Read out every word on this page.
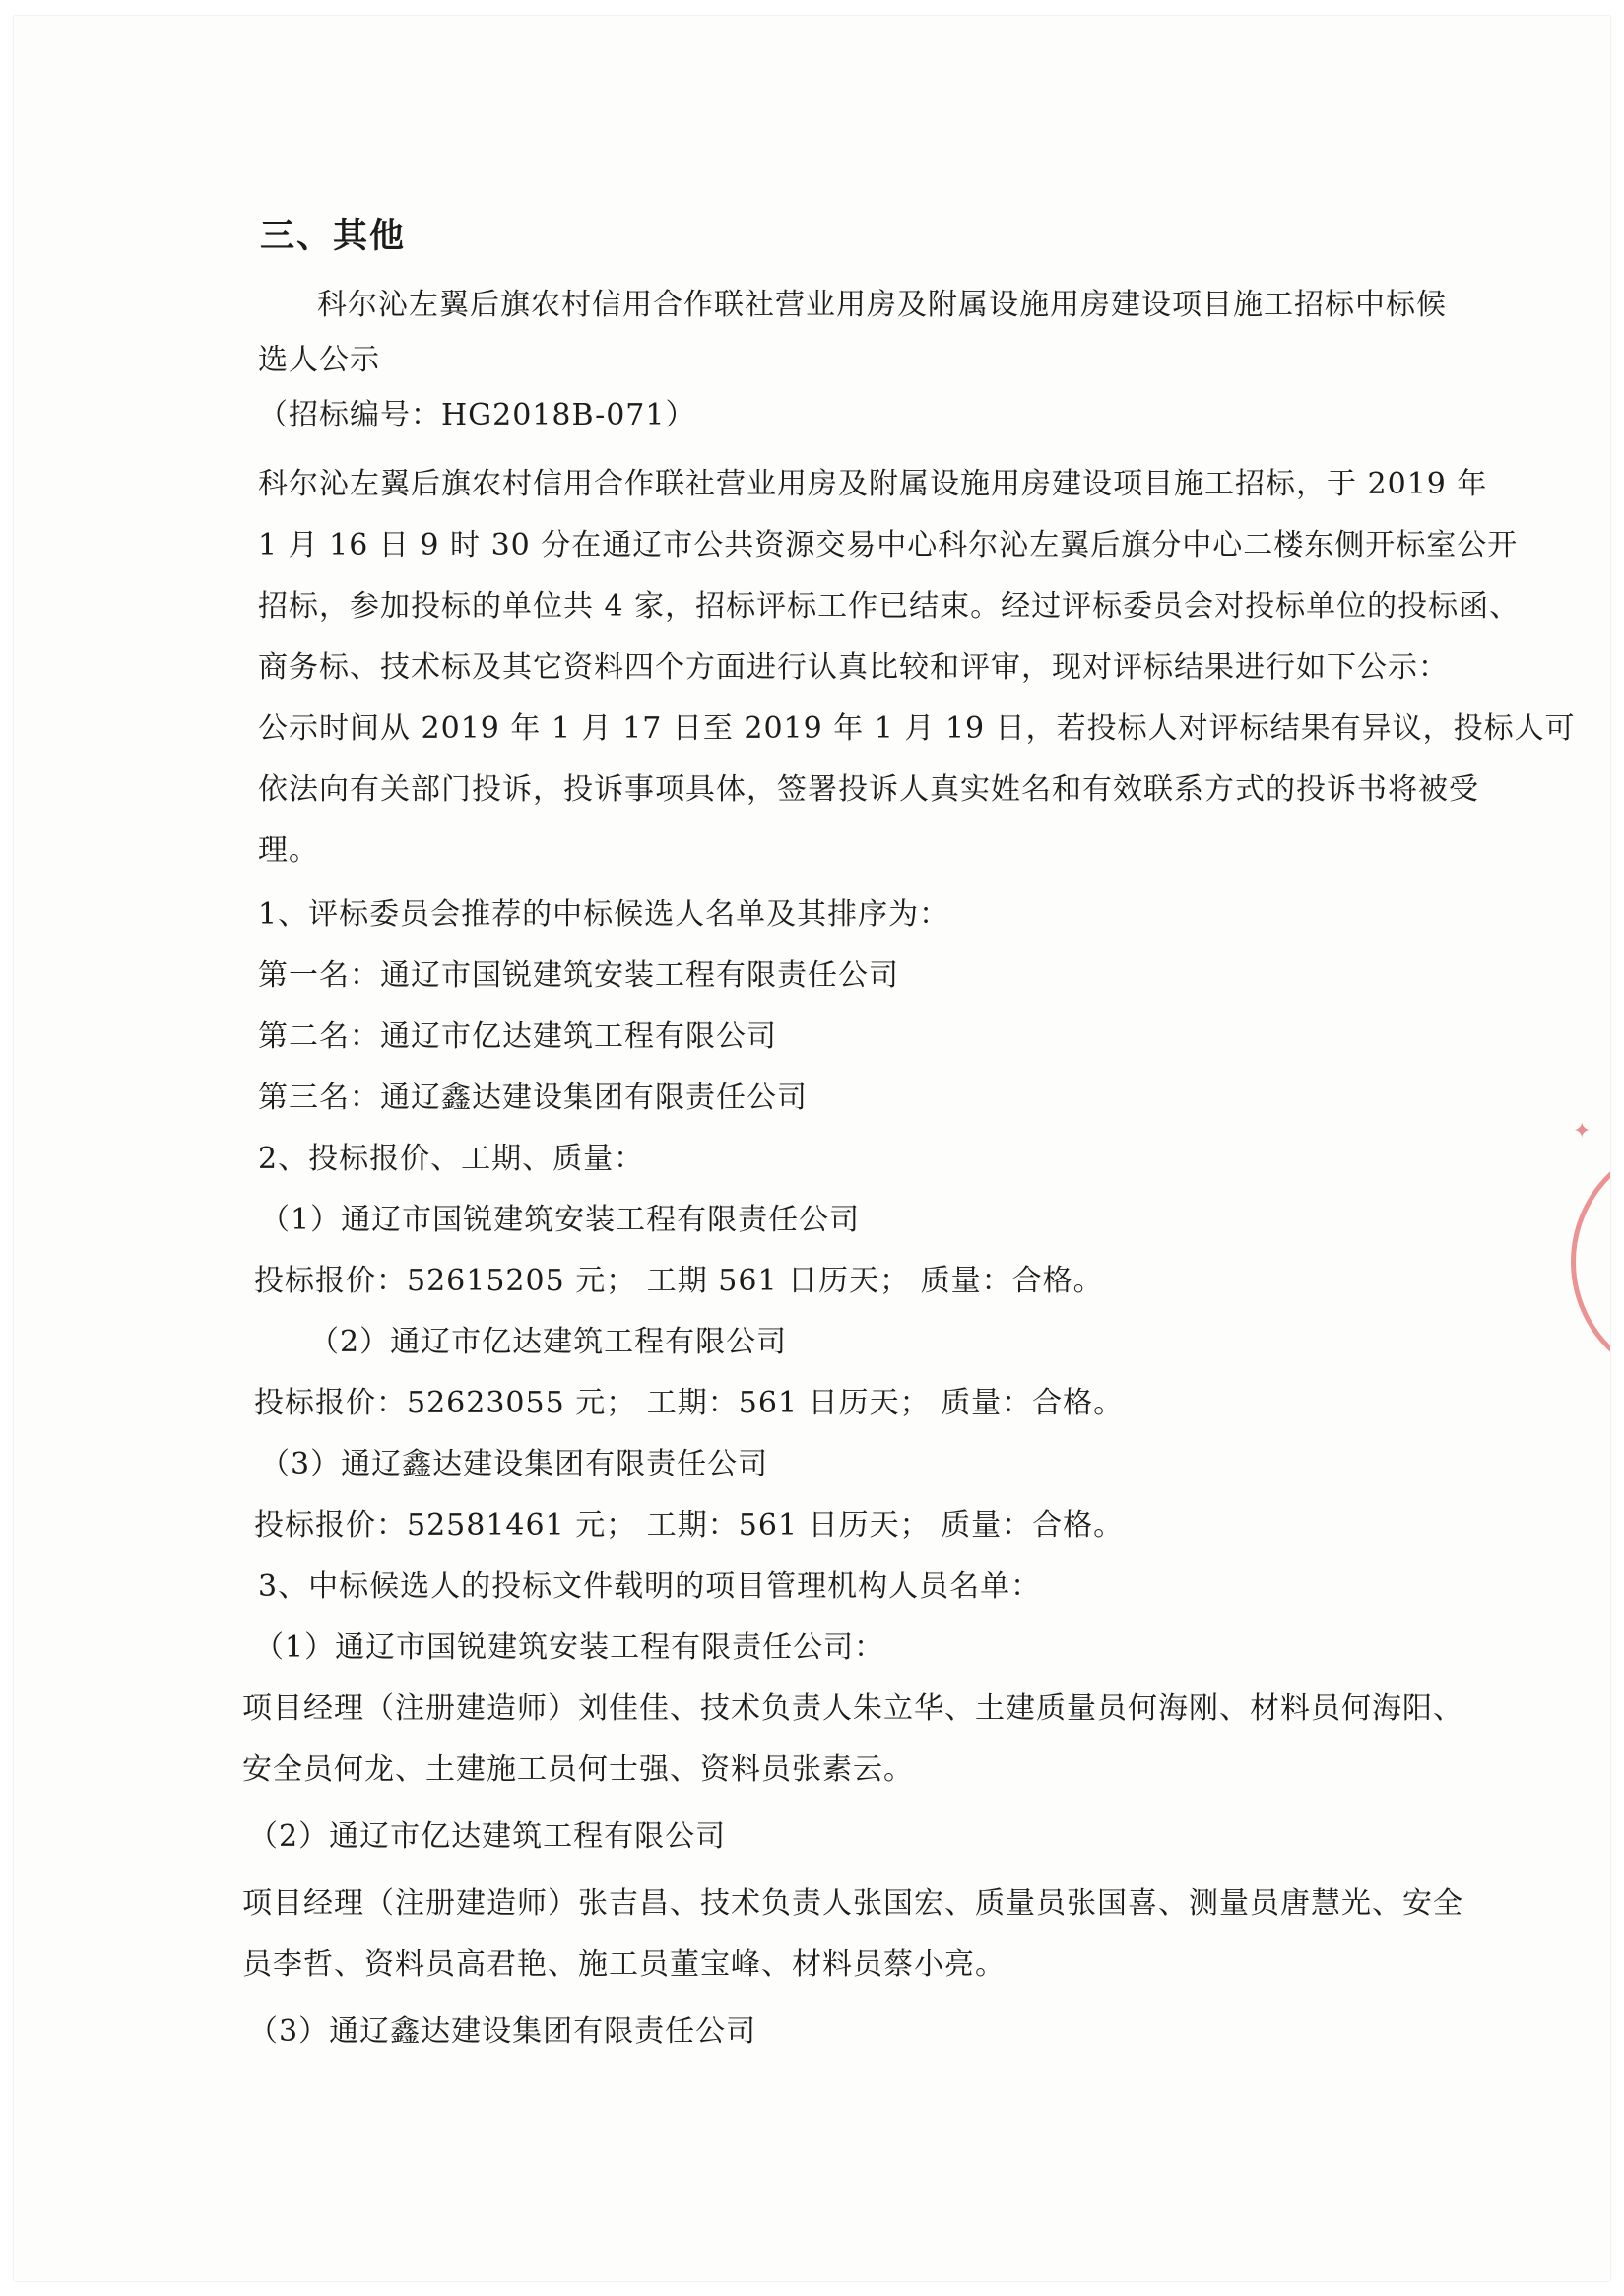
三、其他
科尔沁左翼后旗农村信用合作联社营业用房及附属设施用房建设项目施工招标中标候
选人公示
（招标编号：HG2018B-071）
科尔沁左翼后旗农村信用合作联社营业用房及附属设施用房建设项目施工招标，于 2019 年
1 月 16 日 9 时 30 分在通辽市公共资源交易中心科尔沁左翼后旗分中心二楼东侧开标室公开
招标，参加投标的单位共 4 家，招标评标工作已结束。经过评标委员会对投标单位的投标函、
商务标、技术标及其它资料四个方面进行认真比较和评审，现对评标结果进行如下公示：
公示时间从 2019 年 1 月 17 日至 2019 年 1 月 19 日，若投标人对评标结果有异议，投标人可
依法向有关部门投诉，投诉事项具体，签署投诉人真实姓名和有效联系方式的投诉书将被受
理。
1、评标委员会推荐的中标候选人名单及其排序为：
第一名：通辽市国锐建筑安装工程有限责任公司
第二名：通辽市亿达建筑工程有限公司
第三名：通辽鑫达建设集团有限责任公司
2、投标报价、工期、质量：
（1）通辽市国锐建筑安装工程有限责任公司
投标报价：52615205 元； 工期 561 日历天； 质量：合格。
（2）通辽市亿达建筑工程有限公司
投标报价：52623055 元； 工期：561 日历天； 质量：合格。
（3）通辽鑫达建设集团有限责任公司
投标报价：52581461 元； 工期：561 日历天； 质量：合格。
3、中标候选人的投标文件载明的项目管理机构人员名单：
（1）通辽市国锐建筑安装工程有限责任公司：
项目经理（注册建造师）刘佳佳、技术负责人朱立华、土建质量员何海刚、材料员何海阳、
安全员何龙、土建施工员何士强、资料员张素云。
（2）通辽市亿达建筑工程有限公司
项目经理（注册建造师）张吉昌、技术负责人张国宏、质量员张国喜、测量员唐慧光、安全
员李哲、资料员高君艳、施工员董宝峰、材料员蔡小亮。
（3）通辽鑫达建设集团有限责任公司
✦
